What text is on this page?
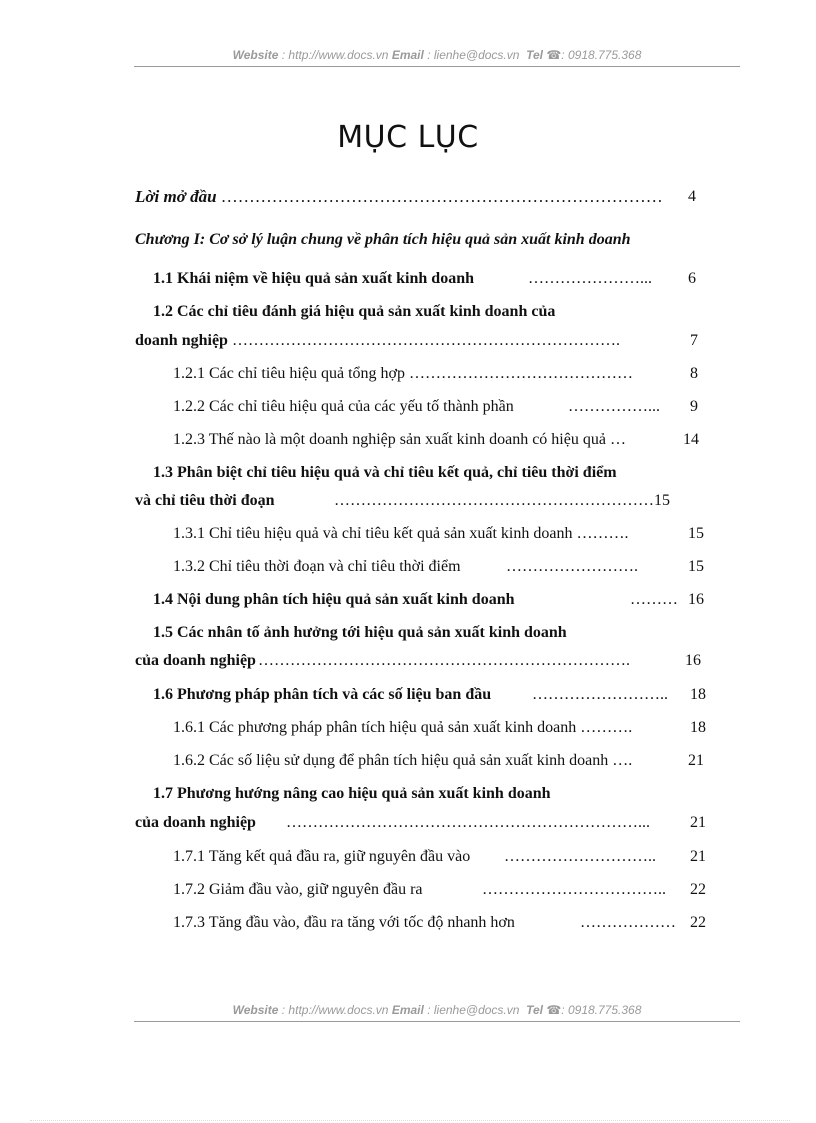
Website : http://www.docs.vn Email : lienhe@docs.vn Tel ☎: 0918.775.368
MỤC LỤC
Lời mở đầu …………………………………………………………………… 4
Chương I: Cơ sở lý luận chung về phân tích hiệu quả sản xuất kinh doanh
1.1 Khái niệm về hiệu quả sản xuất kinh doanh	…………………... 6
1.2 Các chỉ tiêu đánh giá hiệu quả sản xuất kinh doanh của
doanh nghiệp ……………………………………………………………….	7
1.2.1 Các chỉ tiêu hiệu quả tổng hợp ……………………………………	8
1.2.2 Các chỉ tiêu hiệu quả của các yếu tố thành phần	……………... 9
1.2.3 Thế nào là một doanh nghiệp sản xuất kinh doanh có hiệu quả …	14
1.3 Phân biệt chỉ tiêu hiệu quả và chỉ tiêu kết quả, chỉ tiêu thời điểm
và chỉ tiêu thời đoạn	……………………………………………………15
1.3.1 Chỉ tiêu hiệu quả và chỉ tiêu kết quả sản xuất kinh doanh ……….	15
1.3.2 Chỉ tiêu thời đoạn và chỉ tiêu thời điểm	…………………….	15
1.4 Nội dung phân tích hiệu quả sản xuất kinh doanh	……… 16
1.5 Các nhân tố ảnh hưởng tới hiệu quả sản xuất kinh doanh
của doanh nghiệp …………………………………………………………….	16
1.6 Phương pháp phân tích và các số liệu ban đầu	…………………….. 18
1.6.1 Các phương pháp phân tích hiệu quả sản xuất kinh doanh ……….	18
1.6.2 Các số liệu sử dụng để phân tích hiệu quả sản xuất kinh doanh ….	21
1.7 Phương hướng nâng cao hiệu quả sản xuất kinh doanh
của doanh nghiệp …………………………………………………………...	21
1.7.1 Tăng kết quả đầu ra, giữ nguyên đầu vào ……………………….. 21
1.7.2 Giảm đầu vào, giữ nguyên đầu ra	…………………………….. 22
1.7.3 Tăng đầu vào, đầu ra tăng với tốc độ nhanh hơn	……………… 22
Website : http://www.docs.vn Email : lienhe@docs.vn Tel ☎: 0918.775.368
